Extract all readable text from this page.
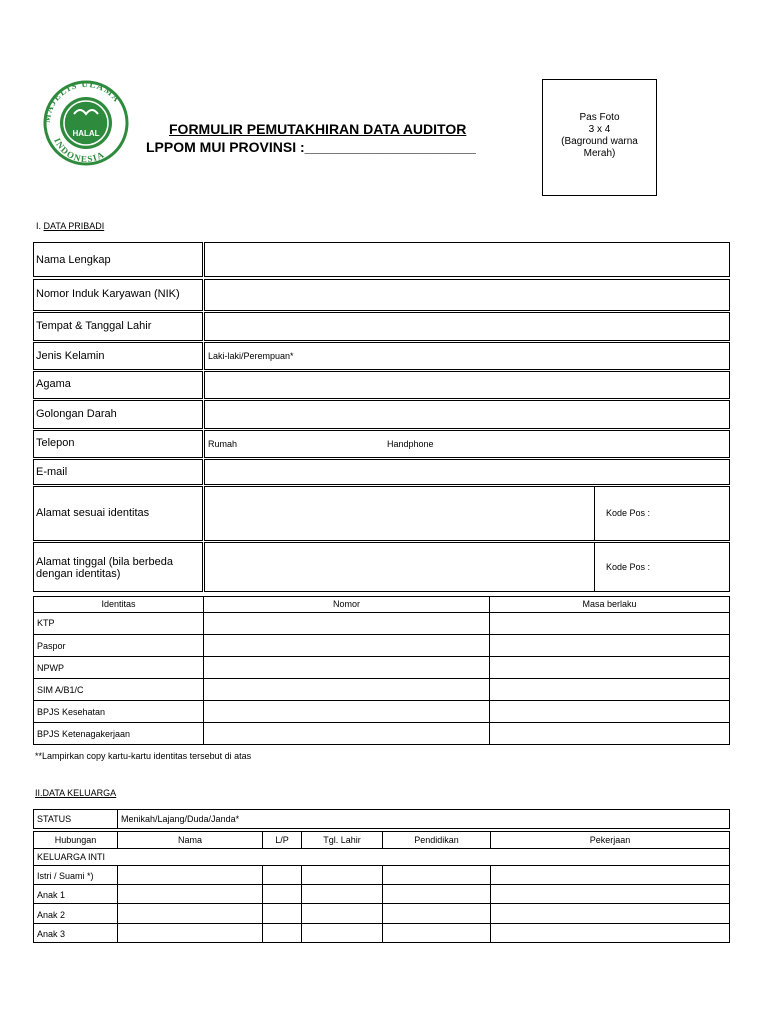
MAJELIS ULAMA
INDONESIA
HALAL	FORMULIR PEMUTAKHIRAN DATA AUDITOR
LPPOM MUI PROVINSI :______________________
Pas Foto
3 x 4
(Baground warna
Merah)
I. DATA PRIBADI
Nama Lengkap
Nomor Induk Karyawan (NIK)
Tempat & Tanggal Lahir
Jenis Kelamin	Laki-laki/Perempuan*
Agama
Golongan Darah
Telepon	Rumah	Handphone
E-mail
Alamat sesuai identitas	Kode Pos :
Alamat tinggal (bila berbeda
dengan identitas)
Kode Pos :
Identitas	Nomor	Masa berlaku
KTP
Paspor
NPWP
SIM A/B1/C
BPJS Kesehatan
BPJS Ketenagakerjaan
**Lampirkan copy kartu-kartu identitas tersebut di atas
II.DATA KELUARGA
STATUS	Menikah/Lajang/Duda/Janda*
Hubungan	Nama	L/P	Tgl. Lahir	Pendidikan	Pekerjaan
KELUARGA INTI
Istri / Suami *)
Anak 1
Anak 2
Anak 3
